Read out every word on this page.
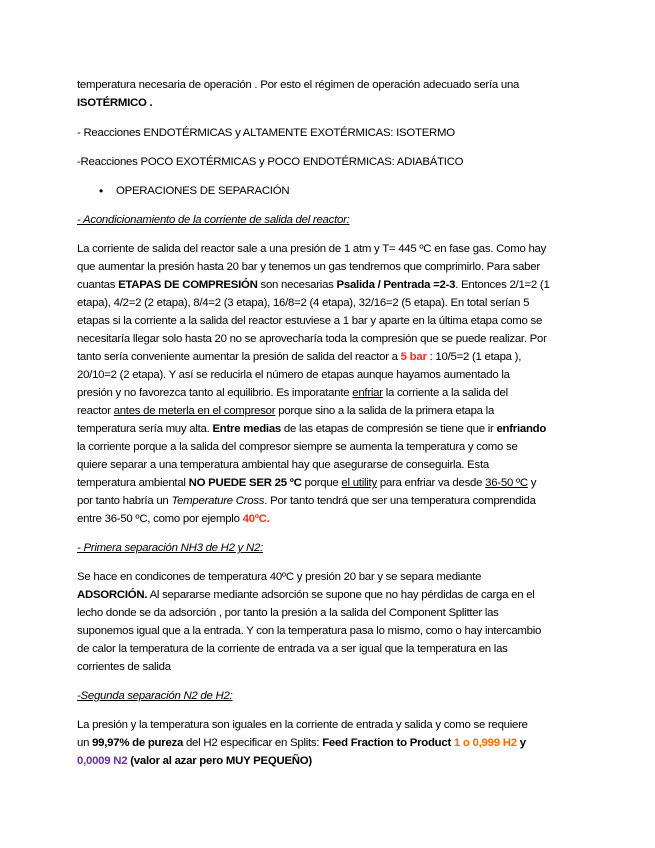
temperatura necesaria de operación . Por esto el régimen de operación adecuado sería una
ISOTÉRMICO .
- Reacciones ENDOTÉRMICAS y ALTAMENTE EXOTÉRMICAS: ISOTERMO
-Reacciones POCO EXOTÉRMICAS y POCO ENDOTÉRMICAS: ADIABÁTICO
• OPERACIONES DE SEPARACIÓN
- Acondicionamiento de la corriente de salida del reactor:
La corriente de salida del reactor sale a una presión de 1 atm y T= 445 ºC en fase gas. Como hay
que aumentar la presión hasta 20 bar y tenemos un gas tendremos que comprimirlo. Para saber
cuantas ETAPAS DE COMPRESIÓN son necesarias Psalida / Pentrada =2-3. Entonces 2/1=2 (1
etapa), 4/2=2 (2 etapa), 8/4=2 (3 etapa), 16/8=2 (4 etapa), 32/16=2 (5 etapa). En total serían 5
etapas si la corriente a la salida del reactor estuviese a 1 bar y aparte en la última etapa como se
necesitaría llegar solo hasta 20 no se aprovecharía toda la compresión que se puede realizar. Por
tanto sería conveniente aumentar la presión de salida del reactor a 5 bar : 10/5=2 (1 etapa ),
20/10=2 (2 etapa). Y así se reducirla el número de etapas aunque hayamos aumentado la
presión y no favorezca tanto al equilibrio. Es imporatante enfriar la corriente a la salida del
reactor antes de meterla en el compresor porque sino a la salida de la primera etapa la
temperatura sería muy alta. Entre medias de las etapas de compresión se tiene que ir enfriando
la corriente porque a la salida del compresor siempre se aumenta la temperatura y como se
quiere separar a una temperatura ambiental hay que asegurarse de conseguirla. Esta
temperatura ambiental NO PUEDE SER 25 ºC porque el utility para enfriar va desde 36-50 ºC y
por tanto habría un Temperature Cross. Por tanto tendrá que ser una temperatura comprendida
entre 36-50 ºC, como por ejemplo 40ºC.
- Primera separación NH3 de H2 y N2:
Se hace en condicones de temperatura 40ºC y presión 20 bar y se separa mediante
ADSORCIÓN. Al separarse mediante adsorción se supone que no hay pérdidas de carga en el
lecho donde se da adsorción , por tanto la presión a la salida del Component Splitter las
suponemos igual que a la entrada. Y con la temperatura pasa lo mismo, como o hay intercambio
de calor la temperatura de la corriente de entrada va a ser igual que la temperatura en las
corrientes de salida
-Segunda separación N2 de H2:
La presión y la temperatura son iguales en la corriente de entrada y salida y como se requiere
un 99,97% de pureza del H2 especificar en Splits: Feed Fraction to Product 1 o 0,999 H2 y
0,0009 N2 (valor al azar pero MUY PEQUEÑO)
